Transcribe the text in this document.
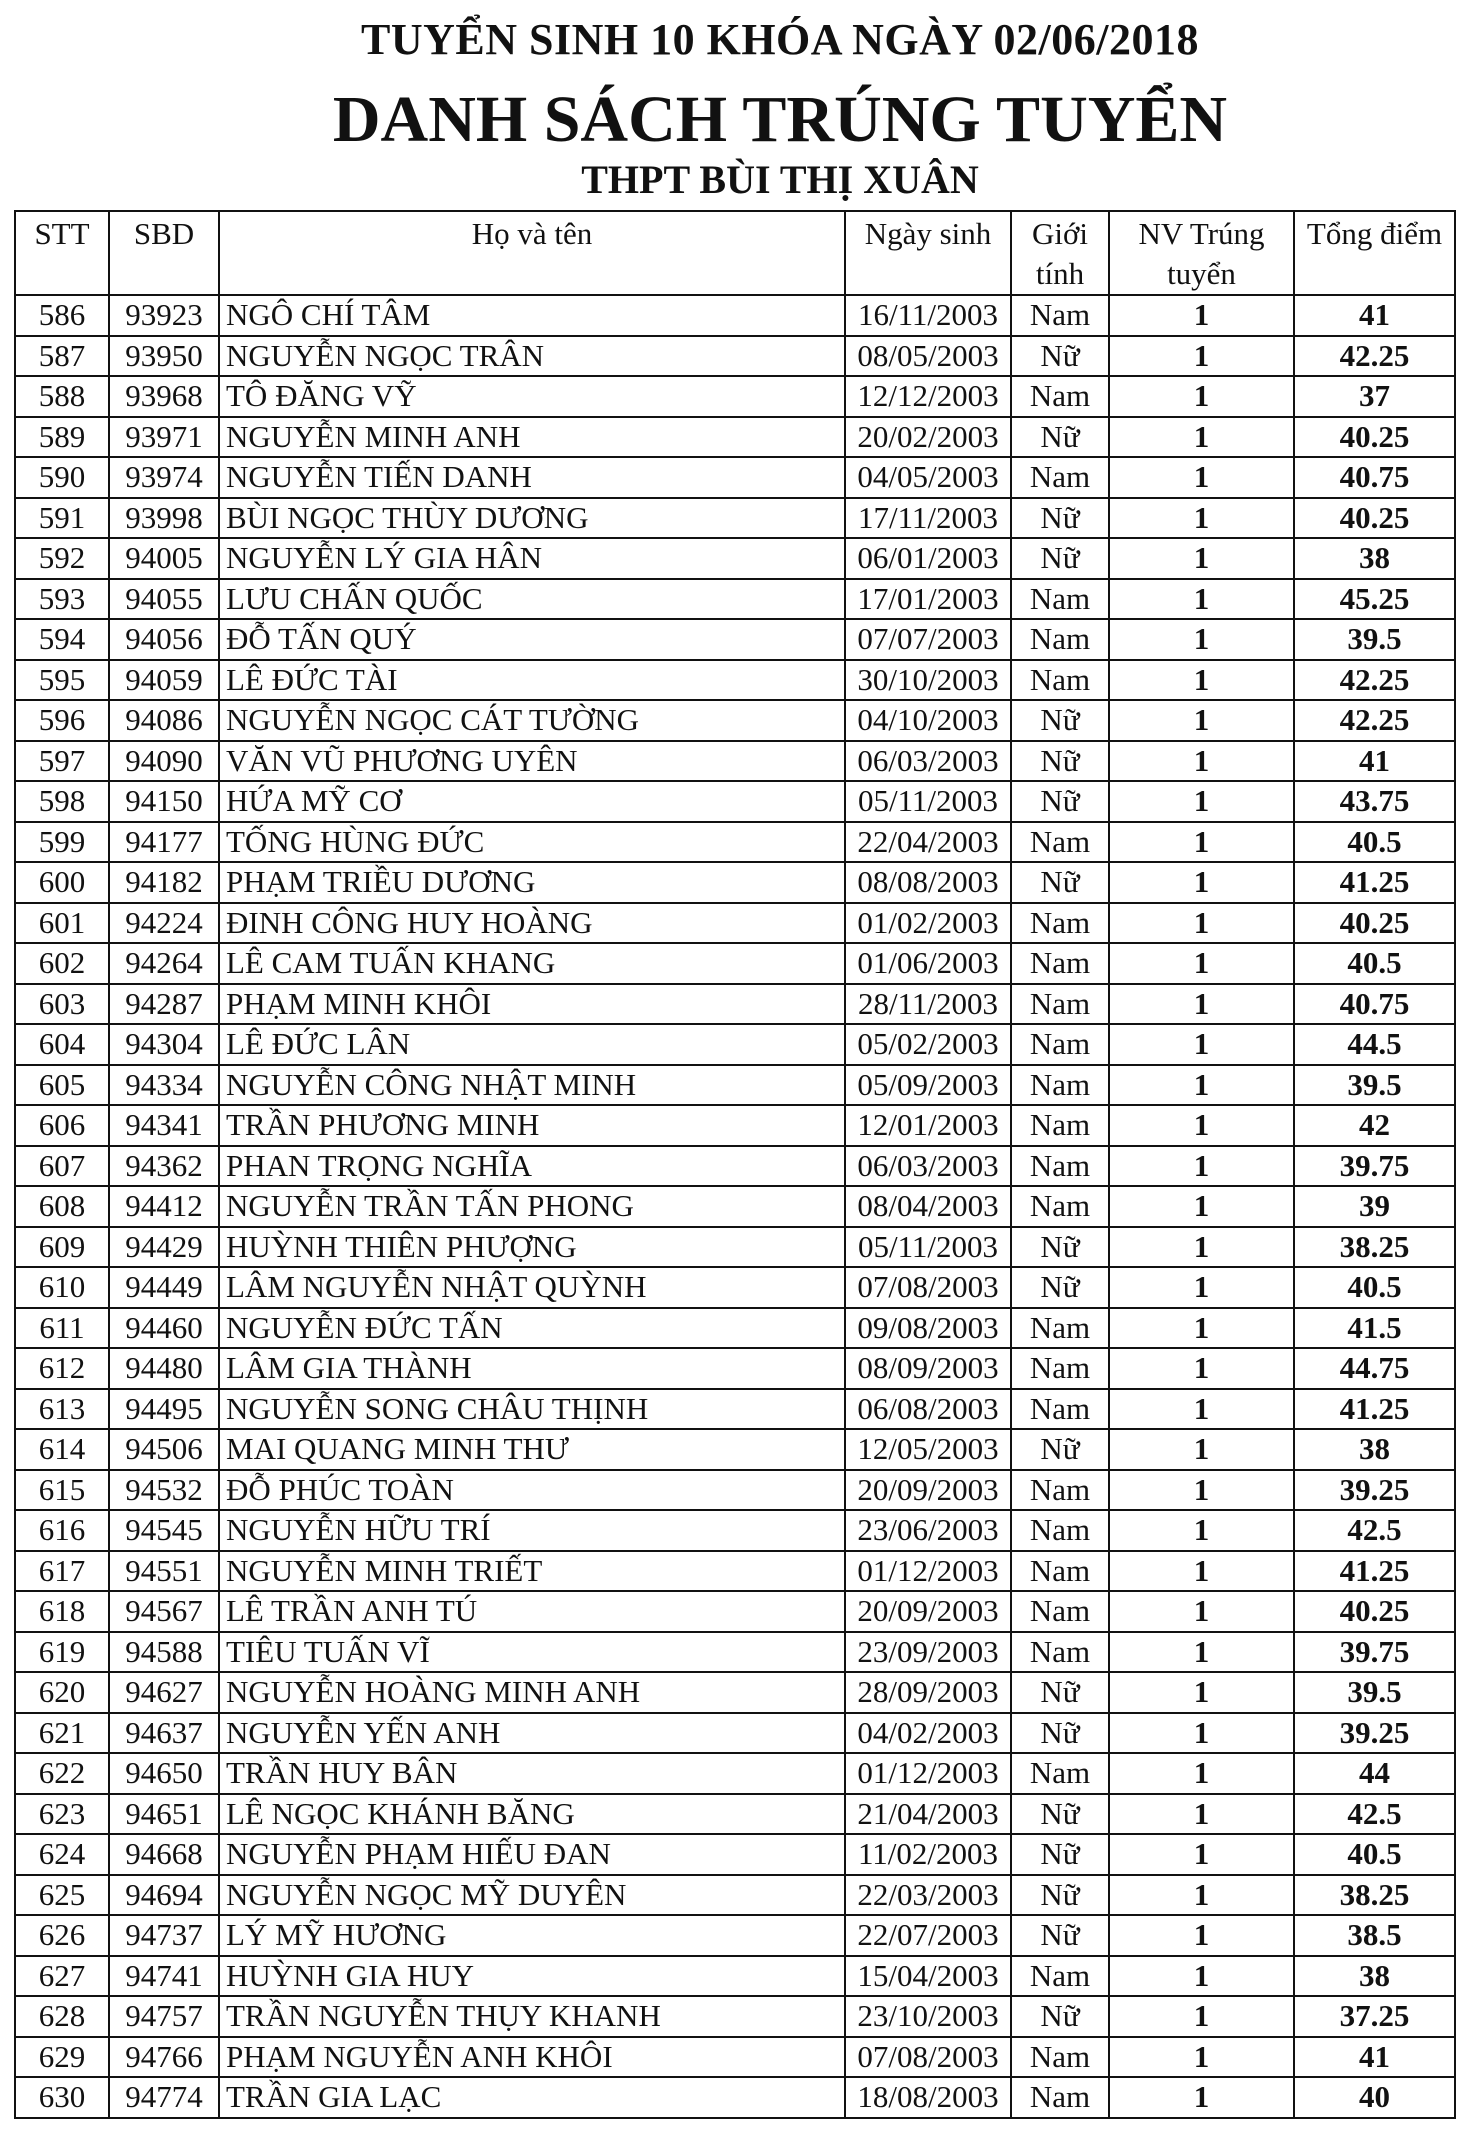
TUYỂN SINH 10 KHÓA NGÀY 02/06/2018
DANH SÁCH TRÚNG TUYỂN
THPT BÙI THỊ XUÂN
STT	SBD	Họ và tên	Ngày sinh	Giới tính	NV Trúng tuyển	Tổng điểm
586	93923	NGÔ CHÍ TÂM	16/11/2003	Nam	1	41
587	93950	NGUYỄN NGỌC TRÂN	08/05/2003	Nữ	1	42.25
588	93968	TÔ ĐĂNG VỸ	12/12/2003	Nam	1	37
589	93971	NGUYỄN MINH ANH	20/02/2003	Nữ	1	40.25
590	93974	NGUYỄN TIẾN DANH	04/05/2003	Nam	1	40.75
591	93998	BÙI NGỌC THÙY DƯƠNG	17/11/2003	Nữ	1	40.25
592	94005	NGUYỄN LÝ GIA HÂN	06/01/2003	Nữ	1	38
593	94055	LƯU CHẤN QUỐC	17/01/2003	Nam	1	45.25
594	94056	ĐỖ TẤN QUÝ	07/07/2003	Nam	1	39.5
595	94059	LÊ ĐỨC TÀI	30/10/2003	Nam	1	42.25
596	94086	NGUYỄN NGỌC CÁT TƯỜNG	04/10/2003	Nữ	1	42.25
597	94090	VĂN VŨ PHƯƠNG UYÊN	06/03/2003	Nữ	1	41
598	94150	HỨA MỸ CƠ	05/11/2003	Nữ	1	43.75
599	94177	TỐNG HÙNG ĐỨC	22/04/2003	Nam	1	40.5
600	94182	PHẠM TRIỀU DƯƠNG	08/08/2003	Nữ	1	41.25
601	94224	ĐINH CÔNG HUY HOÀNG	01/02/2003	Nam	1	40.25
602	94264	LÊ CAM TUẤN KHANG	01/06/2003	Nam	1	40.5
603	94287	PHẠM MINH KHÔI	28/11/2003	Nam	1	40.75
604	94304	LÊ ĐỨC LÂN	05/02/2003	Nam	1	44.5
605	94334	NGUYỄN CÔNG NHẬT MINH	05/09/2003	Nam	1	39.5
606	94341	TRẦN PHƯƠNG MINH	12/01/2003	Nam	1	42
607	94362	PHAN TRỌNG NGHĨA	06/03/2003	Nam	1	39.75
608	94412	NGUYỄN TRẦN TẤN PHONG	08/04/2003	Nam	1	39
609	94429	HUỲNH THIÊN PHƯỢNG	05/11/2003	Nữ	1	38.25
610	94449	LÂM NGUYỄN NHẬT QUỲNH	07/08/2003	Nữ	1	40.5
611	94460	NGUYỄN ĐỨC TẤN	09/08/2003	Nam	1	41.5
612	94480	LÂM GIA THÀNH	08/09/2003	Nam	1	44.75
613	94495	NGUYỄN SONG CHÂU THỊNH	06/08/2003	Nam	1	41.25
614	94506	MAI QUANG MINH THƯ	12/05/2003	Nữ	1	38
615	94532	ĐỖ PHÚC TOÀN	20/09/2003	Nam	1	39.25
616	94545	NGUYỄN HỮU TRÍ	23/06/2003	Nam	1	42.5
617	94551	NGUYỄN MINH TRIẾT	01/12/2003	Nam	1	41.25
618	94567	LÊ TRẦN ANH TÚ	20/09/2003	Nam	1	40.25
619	94588	TIÊU TUẤN VĨ	23/09/2003	Nam	1	39.75
620	94627	NGUYỄN HOÀNG MINH ANH	28/09/2003	Nữ	1	39.5
621	94637	NGUYỄN YẾN ANH	04/02/2003	Nữ	1	39.25
622	94650	TRẦN HUY BÂN	01/12/2003	Nam	1	44
623	94651	LÊ NGỌC KHÁNH BĂNG	21/04/2003	Nữ	1	42.5
624	94668	NGUYỄN PHẠM HIẾU ĐAN	11/02/2003	Nữ	1	40.5
625	94694	NGUYỄN NGỌC MỸ DUYÊN	22/03/2003	Nữ	1	38.25
626	94737	LÝ MỸ HƯƠNG	22/07/2003	Nữ	1	38.5
627	94741	HUỲNH GIA HUY	15/04/2003	Nam	1	38
628	94757	TRẦN NGUYỄN THỤY KHANH	23/10/2003	Nữ	1	37.25
629	94766	PHẠM NGUYỄN ANH KHÔI	07/08/2003	Nam	1	41
630	94774	TRẦN GIA LẠC	18/08/2003	Nam	1	40
